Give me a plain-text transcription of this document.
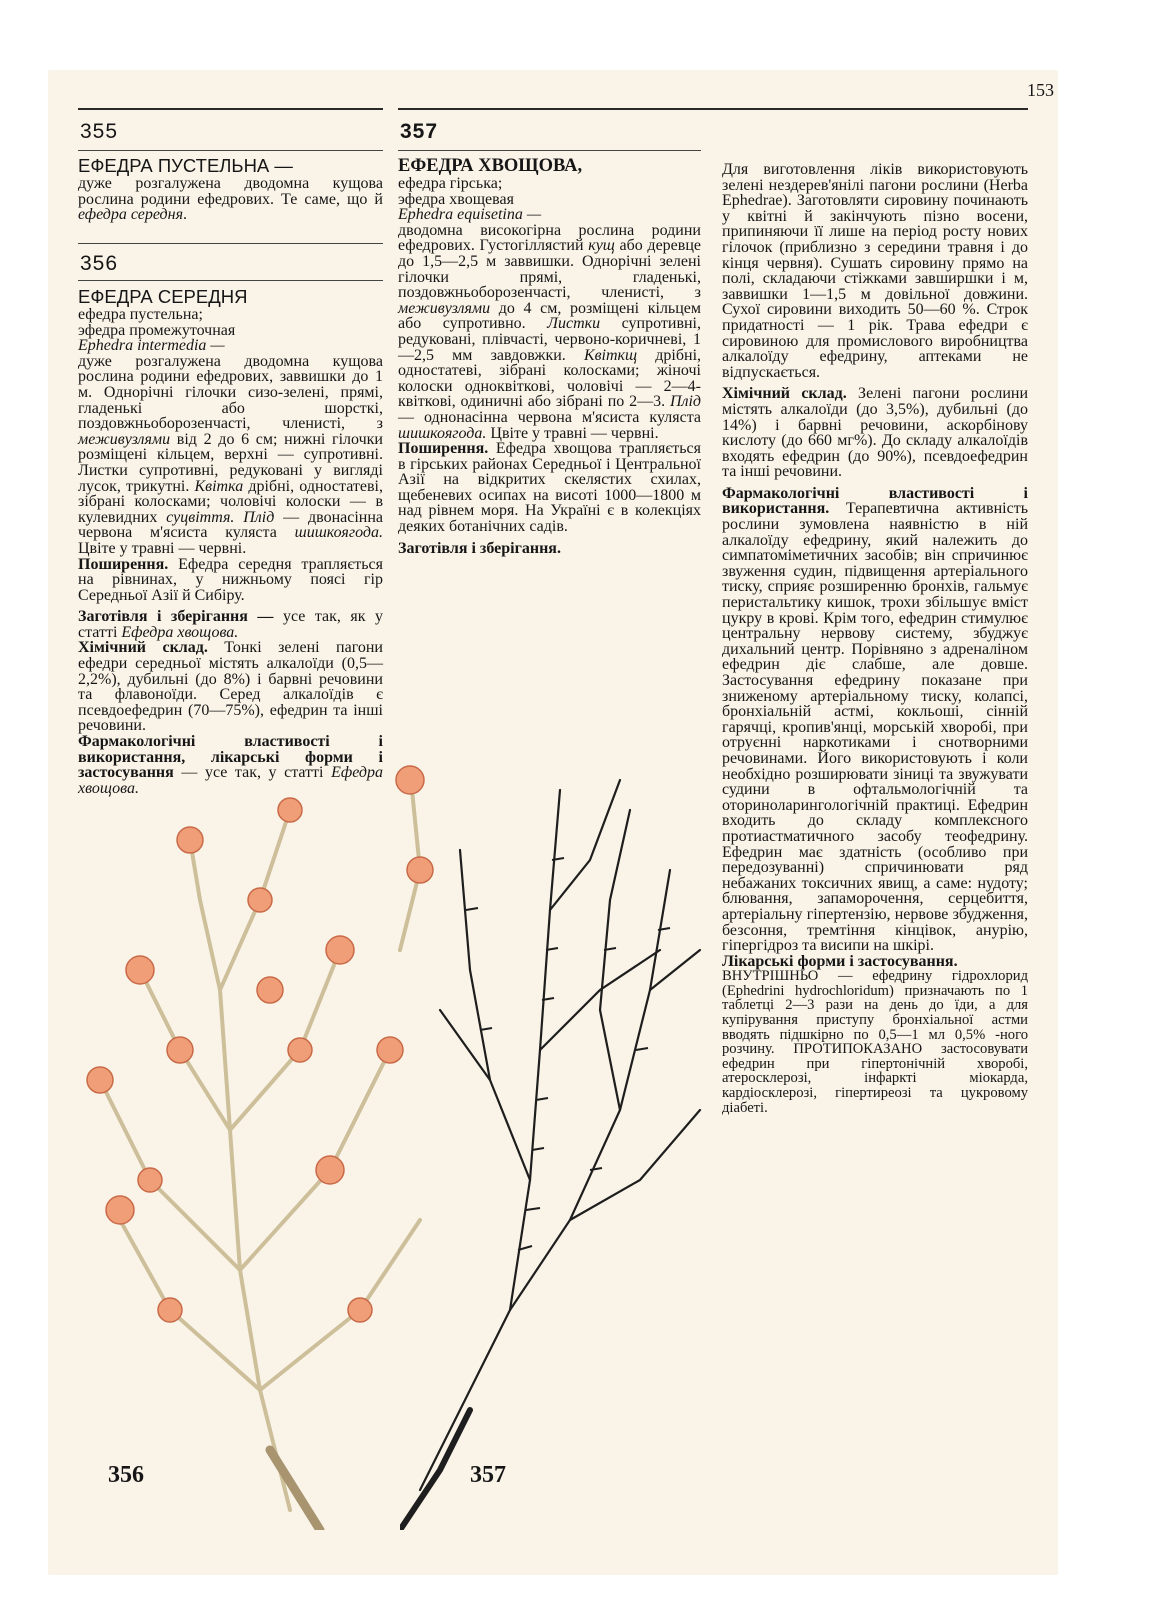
153
355

ЕФЕДРА ПУСТЕЛЬНА —

дуже розгалужена дводомна кущова рослина родини ефедрових. Те саме, що й ефедра середня.

356

ЕФЕДРА СЕРЕДНЯ

ефедра пустельна;

эфедра промежуточная

Ephedra intermedia —

дуже розгалужена дводомна кущова рослина родини ефедрових, заввишки до 1 м. Однорічні гілочки сизо-зелені, прямі, гладенькі або шорсткі, поздовжньоборозенчасті, членисті, з меживузлями від 2 до 6 см; нижні гілочки розміщені кільцем, верхні — супротивні. Листки супротивні, редуковані у вигляді лусок, трикутні. Квітка дрібні, одностатеві, зібрані колосками; чоловічі колоски — в кулевидних суцвіття. Плід — двонасінна червона м'ясиста куляста шишкоягода. Цвіте у травні — червні.

Поширення. Ефедра середня трапляється на рівнинах, у нижньому поясі гір Середньої Азії й Сибіру.

Заготівля і зберігання — усе так, як у статті Ефедра хвощова.

Хімічний склад. Тонкі зелені пагони ефедри середньої містять алкалоїди (0,5—2,2%), дубильні (до 8%) і барвні речовини та флавоноїди. Серед алкалоїдів є псевдоефедрин (70—75%), ефедрин та інші речовини.

Фармакологічні властивості і використання, лікарські форми і застосування — усе так, у статті Ефедра хвощова.

357

ЕФЕДРА ХВОЩОВА,

ефедра гірська;

эфедра хвощевая

Ephedra equisetina —

дводомна високогірна рослина родини ефедрових. Густогіллястий кущ або деревце до 1,5—2,5 м заввишки. Однорічні зелені гілочки прямі, гладенькі, поздовжньоборозенчасті, членисті, з меживузлями до 4 см, розміщені кільцем або супротивно. Листки супротивні, редуковані, плівчасті, червоно-коричневі, 1—2,5 мм завдовжки. Квіткщ дрібні, одностатеві, зібрані колосками; жіночі колоски одноквіткові, чоловічі — 2—4-квіткові, одиничні або зібрані по 2—3. Плід — однонасінна червона м'ясиста куляста шишкоягода. Цвіте у травні — червні.

Поширення. Ефедра хвощова трапляється в гірських районах Середньої і Центральної Азії на відкритих скелястих схилах, щебеневих осипах на висоті 1000—1800 м над рівнем моря. На Україні є в колекціях деяких ботанічних садів.

Заготівля і зберігання.

Для виготовлення ліків використовують зелені нездерев'янілі пагони рослини (Herba Ephedrae). Заготовляти сировину починають у квітні й закінчують пізно восени, припиняючи її лише на період росту нових гілочок (приблизно з середини травня і до кінця червня). Сушать сировину прямо на полі, складаючи стіжками завширшки і м, заввишки 1—1,5 м довільної довжини. Сухої сировини виходить 50—60 %. Строк придатності — 1 рік. Трава ефедри є сировиною для промислового виробництва алкалоїду ефедрину, аптеками не відпускається.

Хімічний склад. Зелені пагони рослини містять алкалоїди (до 3,5%), дубильні (до 14%) і барвні речовини, аскорбінову кислоту (до 660 мг%). До складу алкалоїдів входять ефедрин (до 90%), псевдоефедрин та інші речовини.

Фармакологічні властивості і використання. Терапевтична активність рослини зумовлена наявністю в ній алкалоїду ефедрину, який належить до симпатоміметичних засобів; він спричинює звуження судин, підвищення артеріального тиску, сприяє розширенню бронхів, гальмує перистальтику кишок, трохи збільшує вміст цукру в крові. Крім того, ефедрин стимулює центральну нервову систему, збуджує дихальний центр. Порівняно з адреналіном ефедрин діє слабше, але довше. Застосування ефедрину показане при зниженому артеріальному тиску, колапсі, бронхіальній астмі, кокльоші, сінній гарячці, кропив'янці, морській хворобі, при отруєнні наркотиками і снотворними речовинами. Його використовують і коли необхідно розширювати зіниці та звужувати судини в офтальмологічній та оториноларингологічній практиці. Ефедрин входить до складу комплексного протиастматичного засобу теофедрину. Ефедрин має здатність (особливо при передозуванні) спричинювати ряд небажаних токсичних явищ, а саме: нудоту; блювання, запаморочення, серцебиття, артеріальну гіпертензію, нервове збудження, безсоння, тремтіння кінцівок, анурію, гіпергідроз та висипи на шкірі.

Лікарські форми і застосування.

ВНУТРІШНЬО — ефедрину гідрохлорид (Ephedrini hydrochloridum) призначають по 1 таблетці 2—3 рази на день до їди, а для купірування приступу бронхіальної астми вводять підшкірно по 0,5—1 мл 0,5% -ного розчину. ПРОТИПОКАЗАНО застосовувати ефедрин при гіпертонічній хворобі, атеросклерозі, інфаркті міокарда, кардіосклерозі, гіпертиреозі та цукровому діабеті.

356	357
